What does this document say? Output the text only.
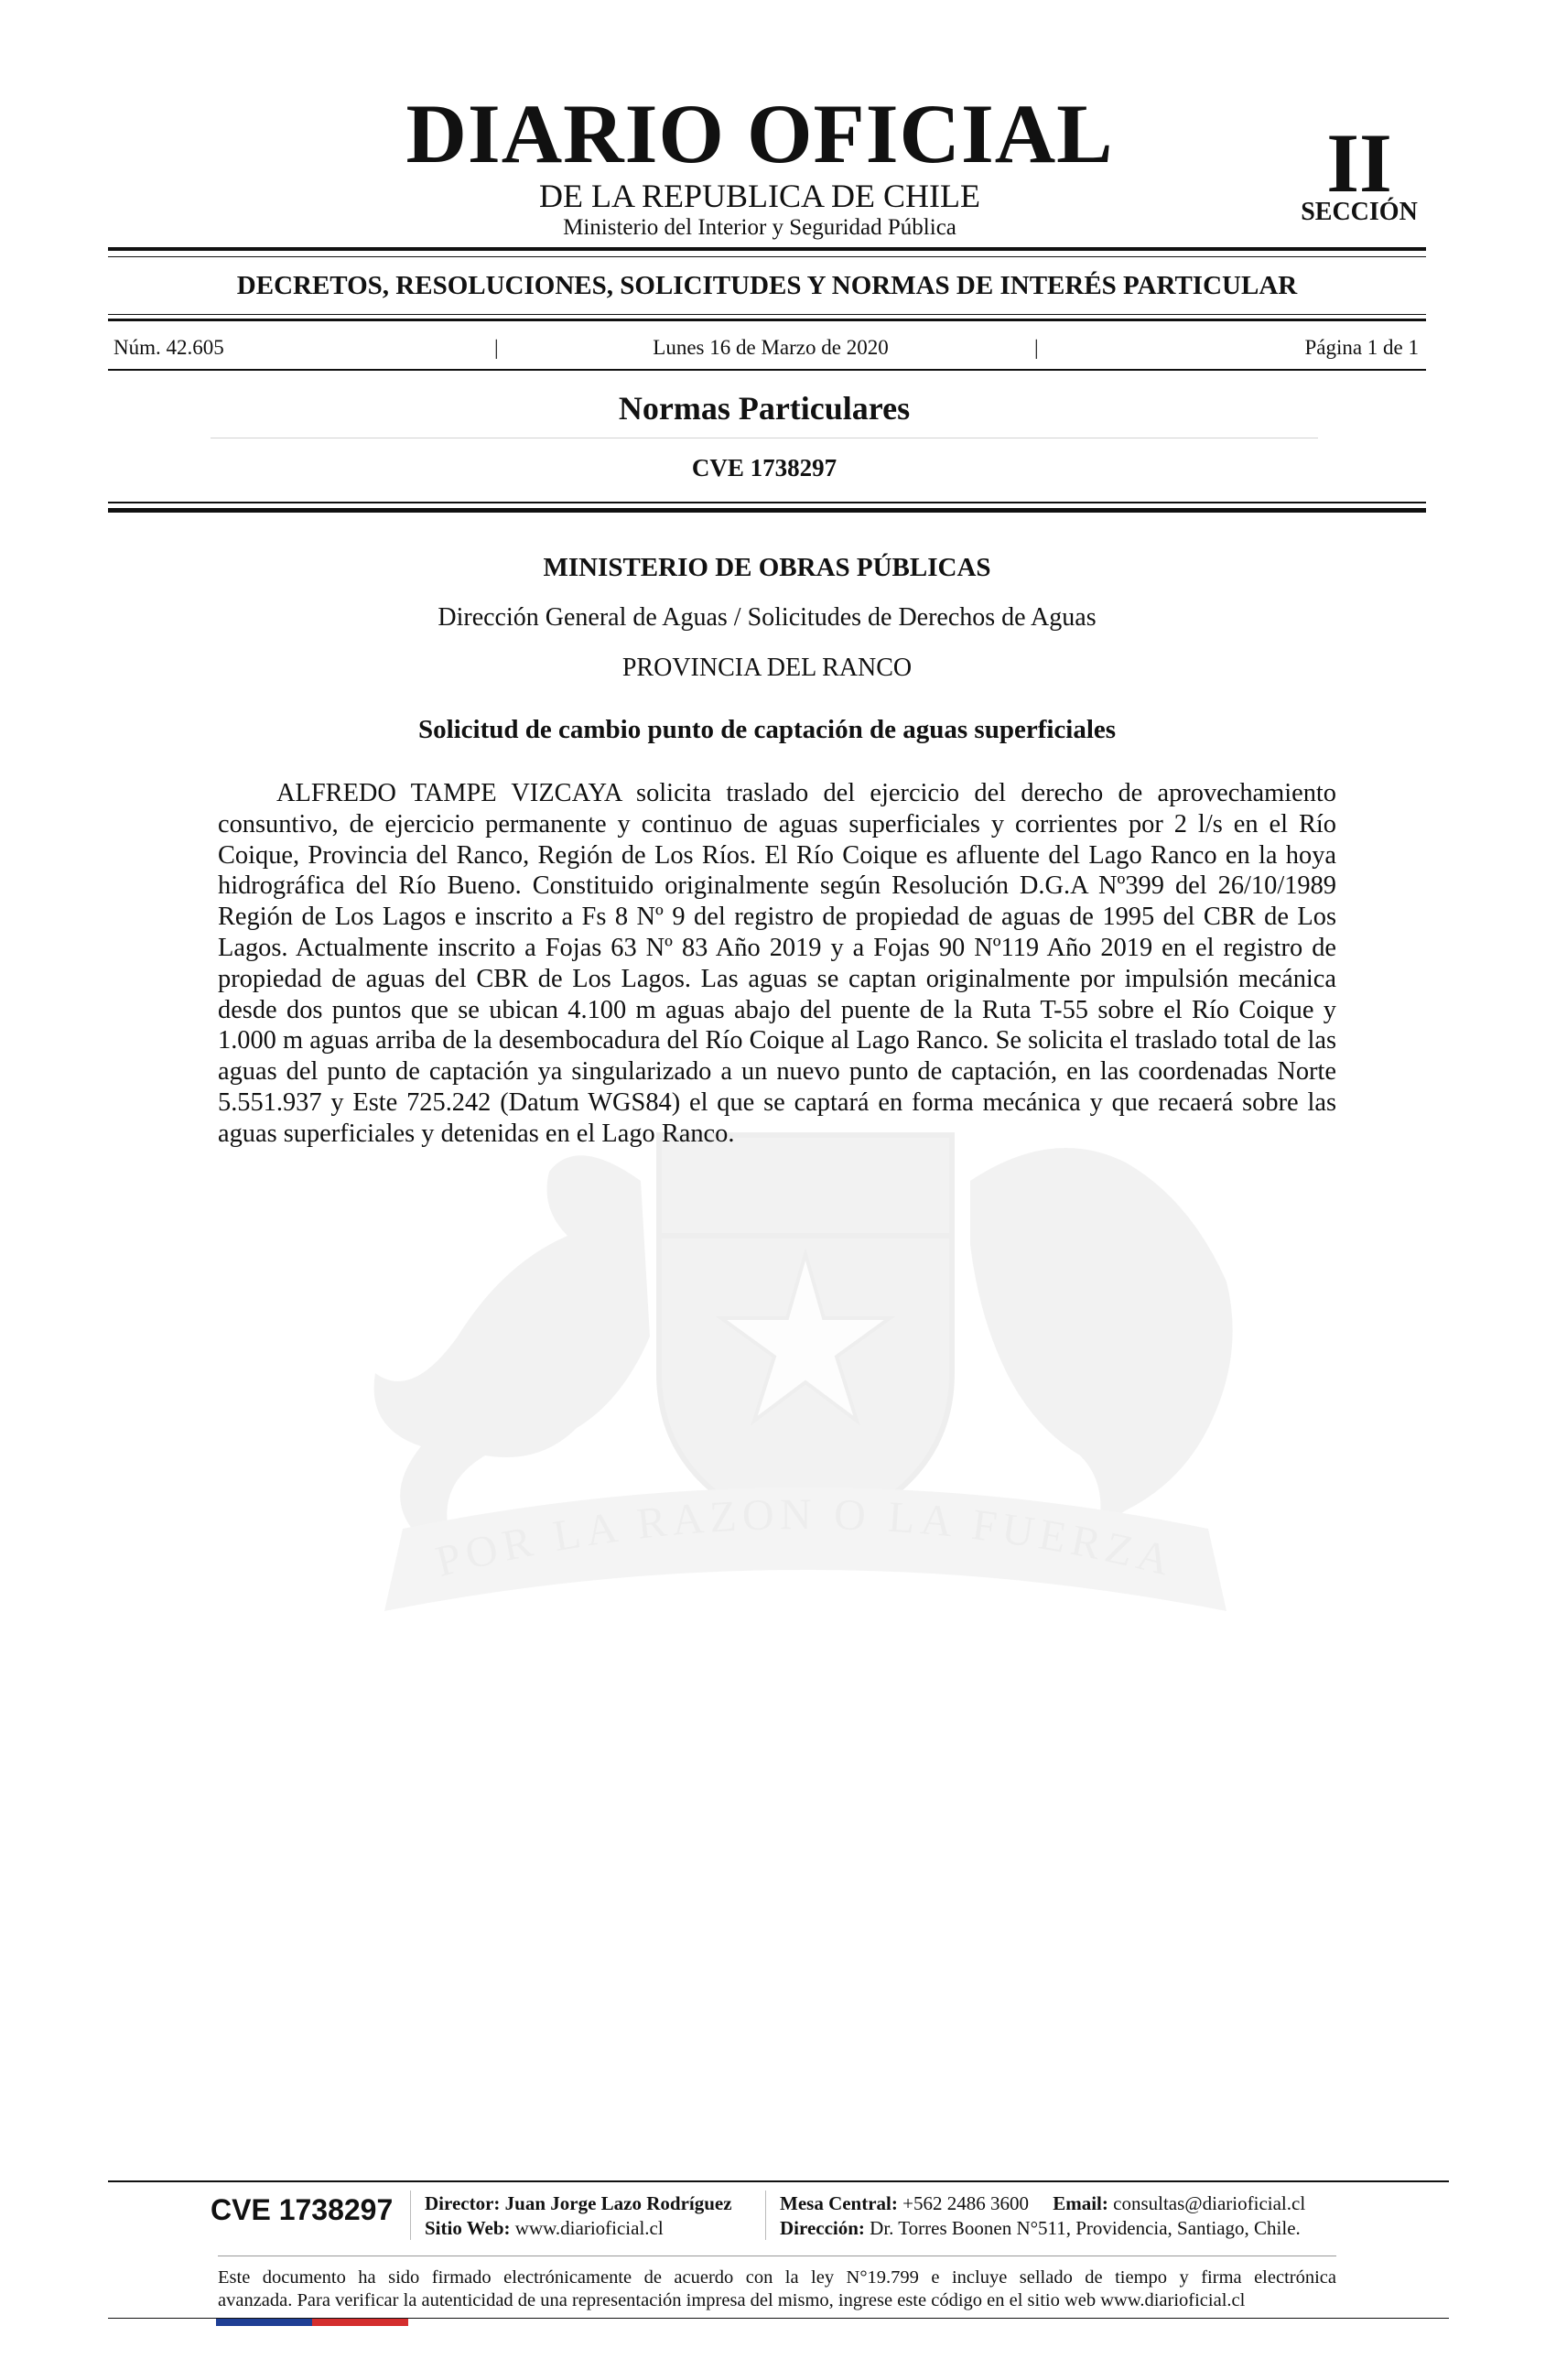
DIARIO OFICIAL
DE LA REPUBLICA DE CHILE
Ministerio del Interior y Seguridad Pública
II
SECCIÓN
DECRETOS, RESOLUCIONES, SOLICITUDES Y NORMAS DE INTERÉS PARTICULAR
Núm. 42.605	|	Lunes 16 de Marzo de 2020	|	Página 1 de 1
Normas Particulares
CVE 1738297
POR LA RAZON O LA FUERZA
MINISTERIO DE OBRAS PÚBLICAS
Dirección General de Aguas / Solicitudes de Derechos de Aguas
PROVINCIA DEL RANCO
Solicitud de cambio punto de captación de aguas superficiales

ALFREDO TAMPE VIZCAYA solicita traslado del ejercicio del derecho de aprovechamiento consuntivo, de ejercicio permanente y continuo de aguas superficiales y corrientes por 2 l/s en el Río Coique, Provincia del Ranco, Región de Los Ríos. El Río Coique es afluente del Lago Ranco en la hoya hidrográfica del Río Bueno. Constituido originalmente según Resolución D.G.A Nº399 del 26/10/1989 Región de Los Lagos e inscrito a Fs 8 Nº 9 del registro de propiedad de aguas de 1995 del CBR de Los Lagos. Actualmente inscrito a Fojas 63 Nº 83 Año 2019 y a Fojas 90 Nº119 Año 2019 en el registro de propiedad de aguas del CBR de Los Lagos. Las aguas se captan originalmente por impulsión mecánica desde dos puntos que se ubican 4.100 m aguas abajo del puente de la Ruta T-55 sobre el Río Coique y 1.000 m aguas arriba de la desembocadura del Río Coique al Lago Ranco. Se solicita el traslado total de las aguas del punto de captación ya singularizado a un nuevo punto de captación, en las coordenadas Norte 5.551.937 y Este 725.242 (Datum WGS84) el que se captará en forma mecánica y que recaerá sobre las aguas superficiales y detenidas en el Lago Ranco.

CVE 1738297 Director: Juan Jorge Lazo Rodríguez
Sitio Web: www.diarioficial.cl
Mesa Central: +562 2486 3600 Email: consultas@diarioficial.cl
Dirección: Dr. Torres Boonen N°511, Providencia, Santiago, Chile.
Este documento ha sido firmado electrónicamente de acuerdo con la ley N°19.799 e incluye sellado de tiempo y firma electrónica
avanzada. Para verificar la autenticidad de una representación impresa del mismo, ingrese este código en el sitio web www.diarioficial.cl
